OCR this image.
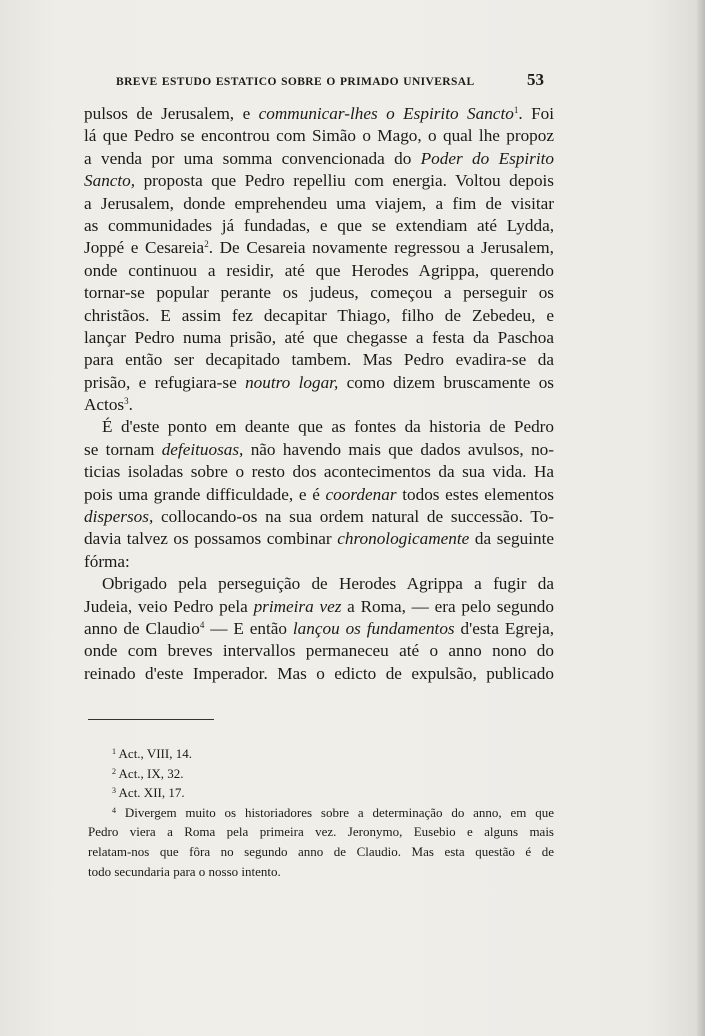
BREVE ESTUDO ESTATICO SOBRE O PRIMADO UNIVERSAL	53
pulsos de Jerusalem, e communicar-lhes o Espirito Sancto$^1$. Foi
lá que Pedro se encontrou com Simão o Mago, o qual lhe propoz
a venda por uma somma convencionada do Poder do Espirito
Sancto, proposta que Pedro repelliu com energia. Voltou depois
a Jerusalem, donde emprehendeu uma viajem, a fim de visitar
as communidades já fundadas, e que se extendiam até Lydda,
Joppé e Cesareia$^2$. De Cesareia novamente regressou a Jerusalem,
onde continuou a residir, até que Herodes Agrippa, querendo
tornar-se popular perante os judeus, começou a perseguir os
christãos. E assim fez decapitar Thiago, filho de Zebedeu, e
lançar Pedro numa prisão, até que chegasse a festa da Paschoa
para então ser decapitado tambem. Mas Pedro evadira-se da
prisão, e refugiara-se noutro logar, como dizem bruscamente os
Actos$^3$.
É d'este ponto em deante que as fontes da historia de Pedro
se tornam defeituosas, não havendo mais que dados avulsos, no-
ticias isoladas sobre o resto dos acontecimentos da sua vida. Ha
pois uma grande difficuldade, e é coordenar todos estes elementos
dispersos, collocando-os na sua ordem natural de successão. To-
davia talvez os possamos combinar chronologicamente da seguinte
fórma:
Obrigado pela perseguição de Herodes Agrippa a fugir da
Judeia, veio Pedro pela primeira vez a Roma, — era pelo segundo
anno de Claudio$^4$ — E então lançou os fundamentos d'esta Egreja,
onde com breves intervallos permaneceu até o anno nono do
reinado d'este Imperador. Mas o edicto de expulsão, publicado
$^1$ Act., VIII, 14.
$^2$ Act., IX, 32.
$^3$ Act. XII, 17.
$^4$ Divergem muito os historiadores sobre a determinação do anno, em que
Pedro viera a Roma pela primeira vez. Jeronymo, Eusebio e alguns mais
relatam-nos que fôra no segundo anno de Claudio. Mas esta questão é de
todo secundaria para o nosso intento.
